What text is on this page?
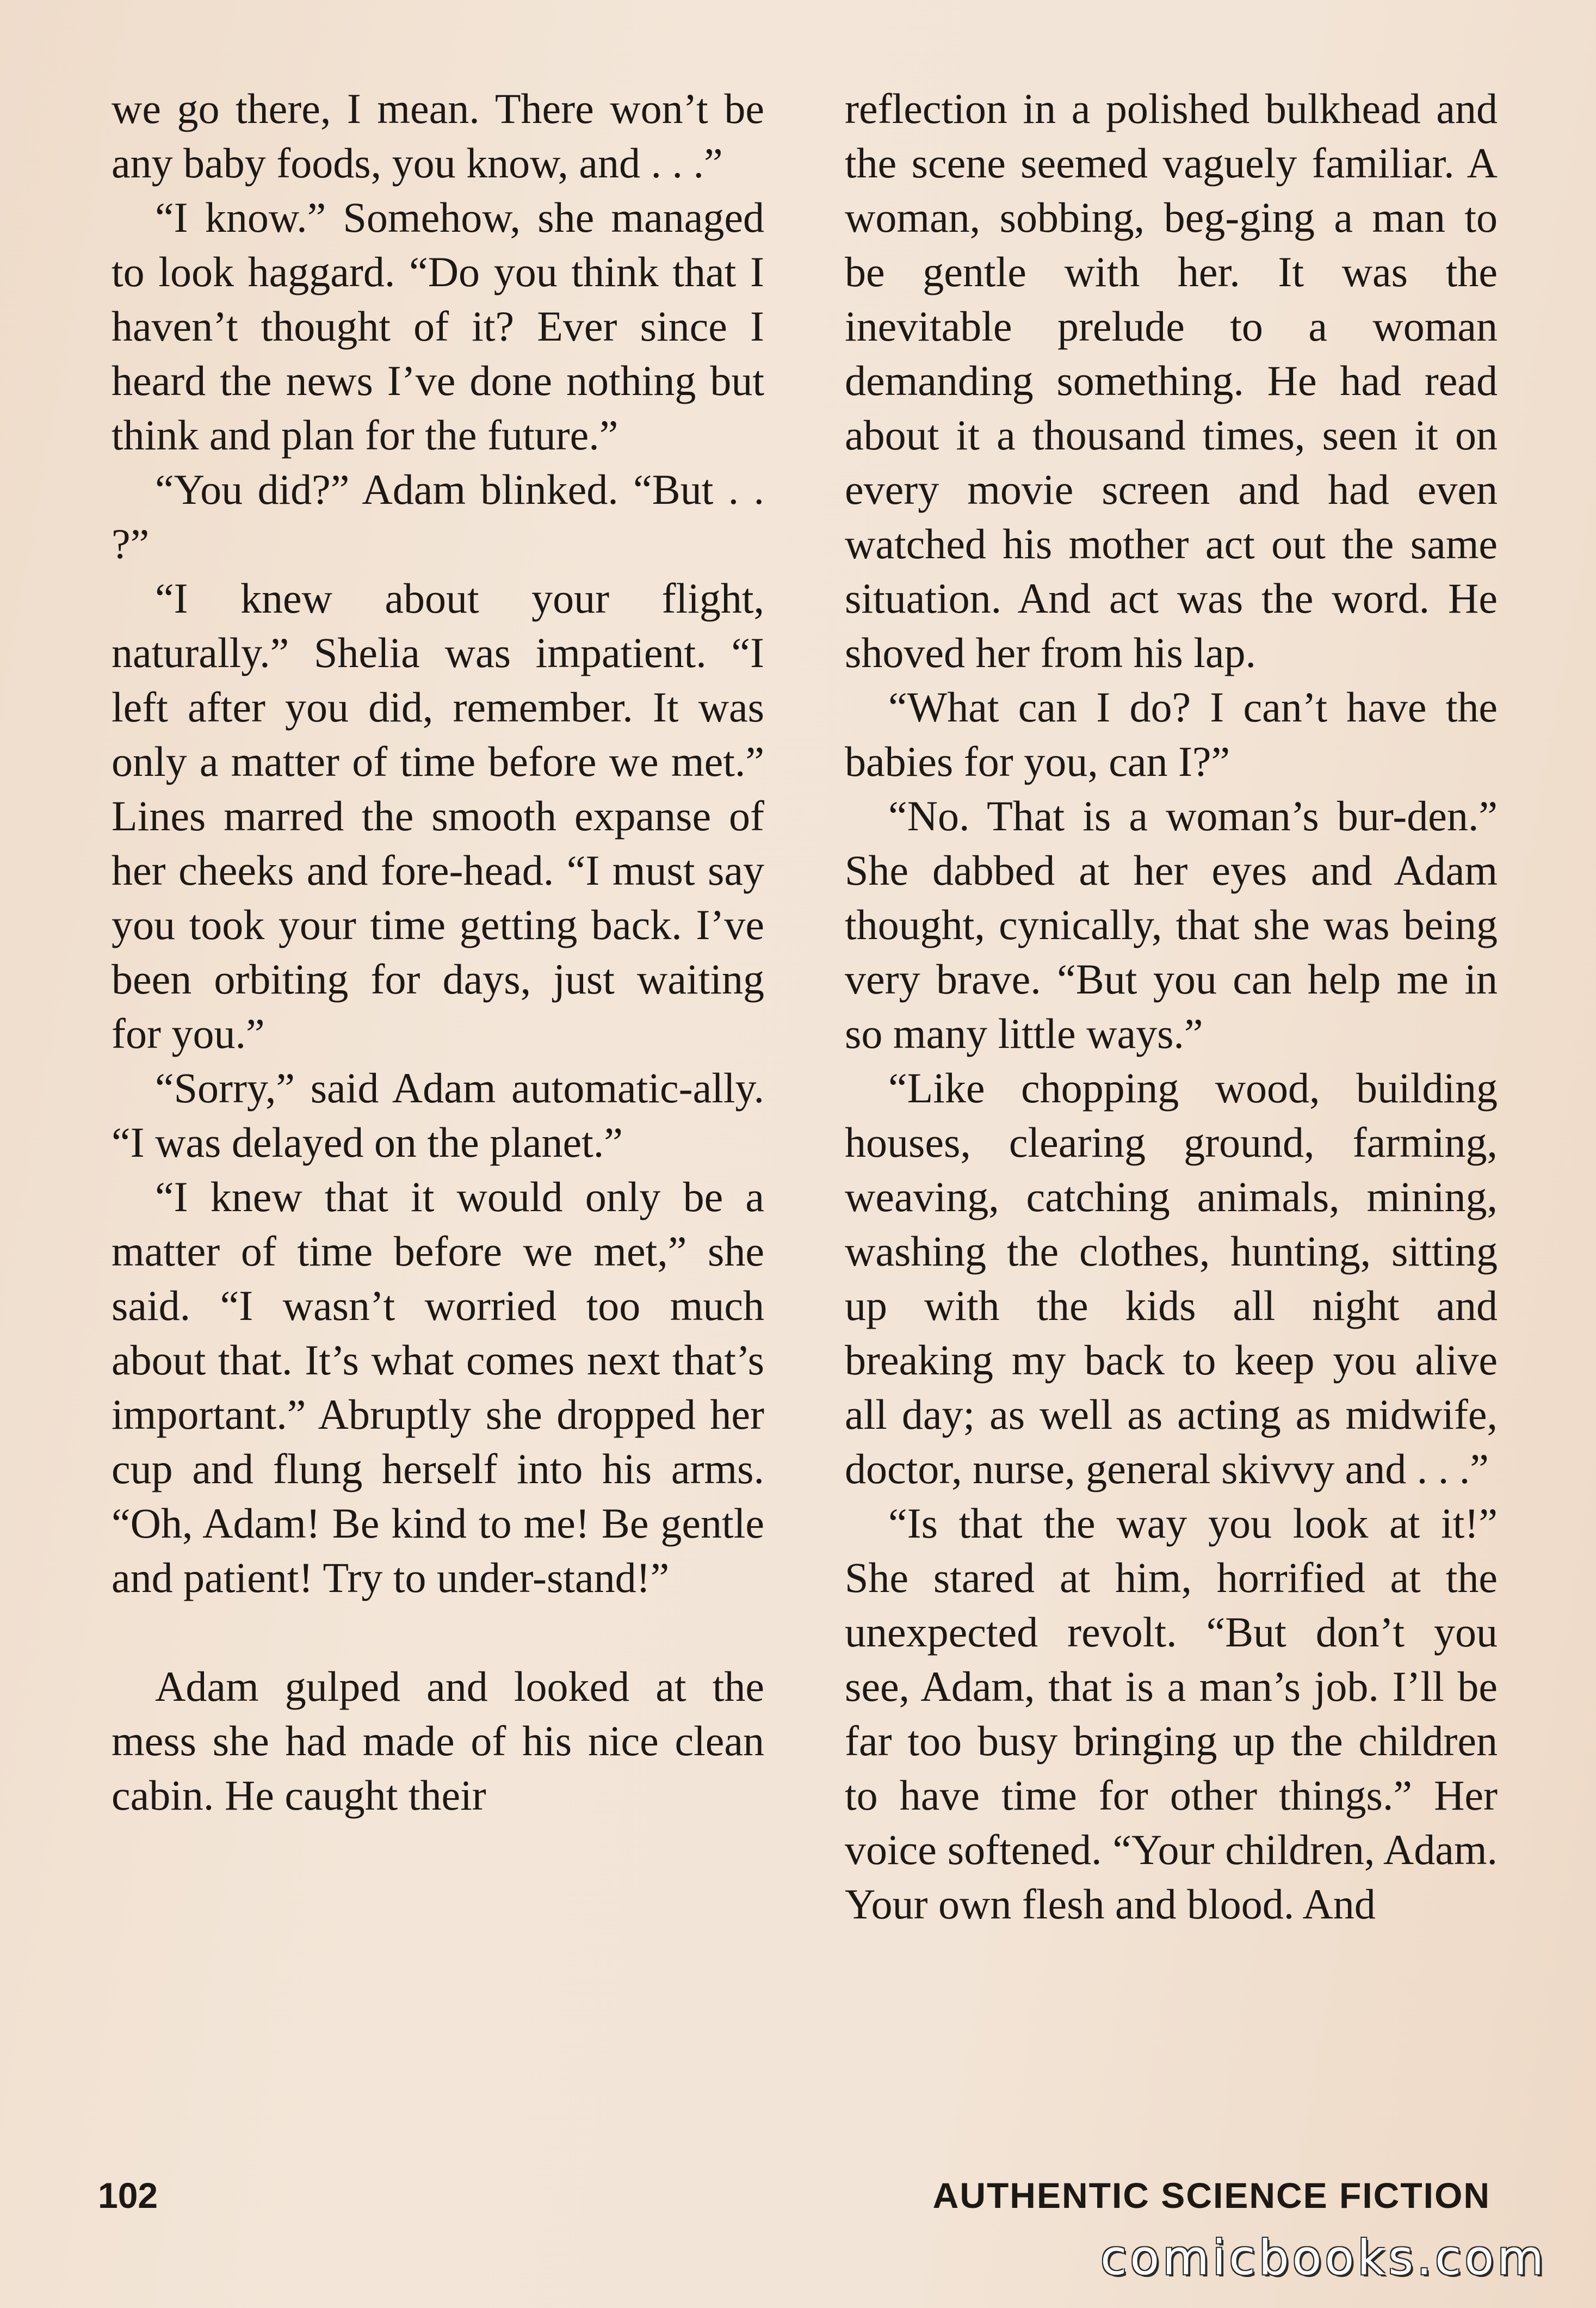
we go there, I mean. There won’t be any baby foods, you know, and . . .”

“I know.” Somehow, she managed to look haggard. “Do you think that I haven’t thought of it? Ever since I heard the news I’ve done nothing but think and plan for the future.”

“You did?” Adam blinked. “But . . ?”

“I knew about your flight, naturally.” Shelia was impatient. “I left after you did, remember. It was only a matter of time before we met.” Lines marred the smooth expanse of her cheeks and fore-head. “I must say you took your time getting back. I’ve been orbiting for days, just waiting for you.”

“Sorry,” said Adam automatic-ally. “I was delayed on the planet.”

“I knew that it would only be a matter of time before we met,” she said. “I wasn’t worried too much about that. It’s what comes next that’s important.” Abruptly she dropped her cup and flung herself into his arms. “Oh, Adam! Be kind to me! Be gentle and patient! Try to under-stand!”

Adam gulped and looked at the mess she had made of his nice clean cabin. He caught their

reflection in a polished bulkhead and the scene seemed vaguely familiar. A woman, sobbing, beg-ging a man to be gentle with her. It was the inevitable prelude to a woman demanding something. He had read about it a thousand times, seen it on every movie screen and had even watched his mother act out the same situation. And act was the word. He shoved her from his lap.

“What can I do? I can’t have the babies for you, can I?”

“No. That is a woman’s bur-den.” She dabbed at her eyes and Adam thought, cynically, that she was being very brave. “But you can help me in so many little ways.”

“Like chopping wood, building houses, clearing ground, farming, weaving, catching animals, mining, washing the clothes, hunting, sitting up with the kids all night and breaking my back to keep you alive all day; as well as acting as midwife, doctor, nurse, general skivvy and . . .”

“Is that the way you look at it!” She stared at him, horrified at the unexpected revolt. “But don’t you see, Adam, that is a man’s job. I’ll be far too busy bringing up the children to have time for other things.” Her voice softened. “Your children, Adam. Your own flesh and blood. And

102	AUTHENTIC SCIENCE FICTION
comicbooks.com
